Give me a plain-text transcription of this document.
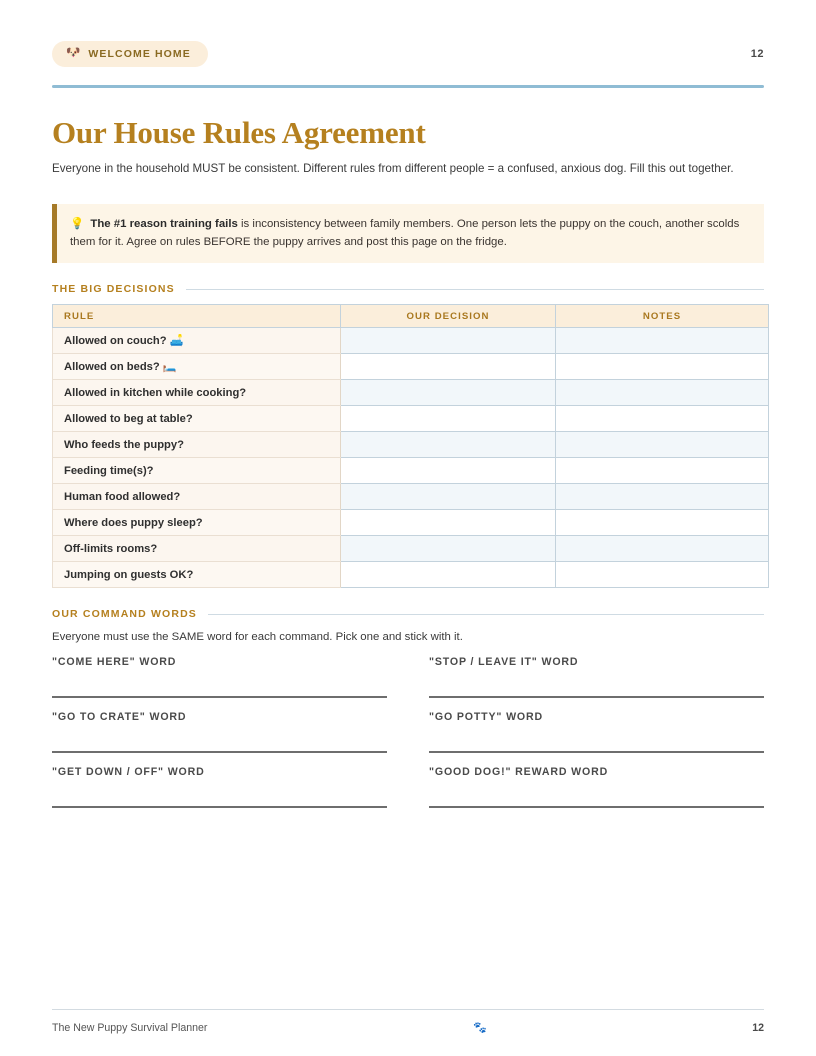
🐶 WELCOME HOME	12
Our House Rules Agreement

Everyone in the household MUST be consistent. Different rules from different people = a confused, anxious dog. Fill this out together.

💡 The #1 reason training fails is inconsistency between family members. One person lets the puppy on the couch, another scolds them for it. Agree on rules BEFORE the puppy arrives and post this page on the fridge.
THE BIG DECISIONS
RULE	OUR DECISION	NOTES
Allowed on couch? 🛋️		
Allowed on beds? 🛏️		
Allowed in kitchen while cooking?		
Allowed to beg at table?		
Who feeds the puppy?		
Feeding time(s)?		
Human food allowed?		
Where does puppy sleep?		
Off-limits rooms?		
Jumping on guests OK?		
OUR COMMAND WORDS

Everyone must use the SAME word for each command. Pick one and stick with it.

"COME HERE" WORD	"STOP / LEAVE IT" WORD
"GO TO CRATE" WORD	"GO POTTY" WORD
"GET DOWN / OFF" WORD	"GOOD DOG!" REWARD WORD
The New Puppy Survival Planner	🐾	12
